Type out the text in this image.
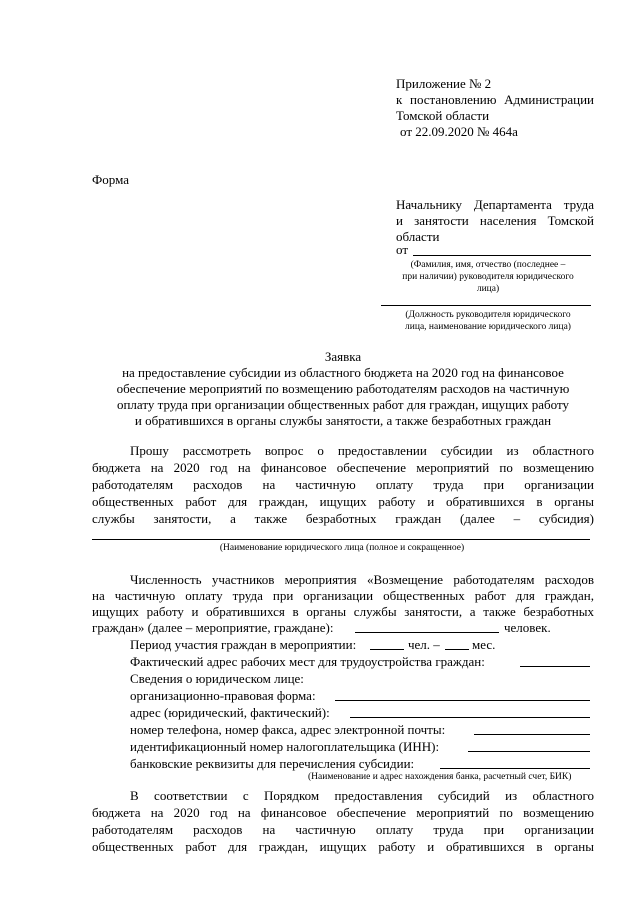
Приложение № 2
к постановлению Администрации
Томской области
от 22.09.2020 № 464а
Форма
Начальнику Департамента труда
и занятости населения Томской
области
от
(Фамилия, имя, отчество (последнее –
при наличии) руководителя юридического
лица)
(Должность руководителя юридического
лица, наименование юридического лица)
Заявка
на предоставление субсидии из областного бюджета на 2020 год на финансовое
обеспечение мероприятий по возмещению работодателям расходов на частичную
оплату труда при организации общественных работ для граждан, ищущих работу
и обратившихся в органы службы занятости, а также безработных граждан
Прошу рассмотреть вопрос о предоставлении субсидии из областного
бюджета на 2020 год на финансовое обеспечение мероприятий по возмещению
работодателям расходов на частичную оплату труда при организации
общественных работ для граждан, ищущих работу и обратившихся в органы
службы занятости, а также безработных граждан (далее – субсидия)
(Наименование юридического лица (полное и сокращенное)
Численность участников мероприятия «Возмещение работодателям расходов
на частичную оплату труда при организации общественных работ для граждан,
ищущих работу и обратившихся в органы службы занятости, а также безработных
граждан» (далее – мероприятие, граждане):	человек.
Период участия граждан в мероприятии:	чел. – мес.
Фактический адрес рабочих мест для трудоустройства граждан:
Сведения о юридическом лице:
организационно-правовая форма:
адрес (юридический, фактический):
номер телефона, номер факса, адрес электронной почты:
идентификационный номер налогоплательщика (ИНН):
банковские реквизиты для перечисления субсидии:
(Наименование и адрес нахождения банка, расчетный счет, БИК)
В соответствии с Порядком предоставления субсидий из областного
бюджета на 2020 год на финансовое обеспечение мероприятий по возмещению
работодателям расходов на частичную оплату труда при организации
общественных работ для граждан, ищущих работу и обратившихся в органы
